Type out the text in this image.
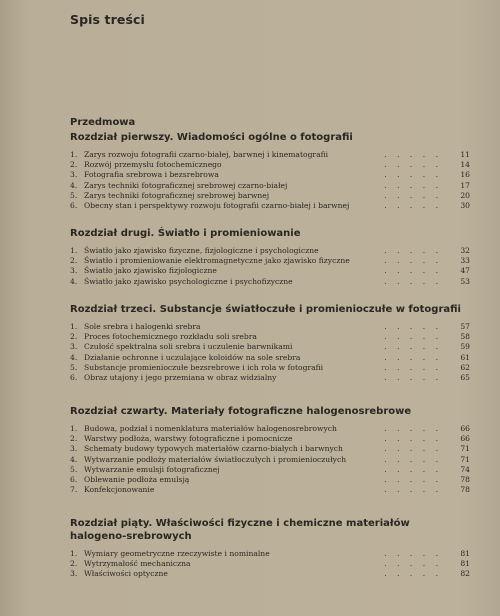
Spis treści
Przedmowa
Rozdział pierwszy. Wiadomości ogólne o fotografii
1. Zarys rozwoju fotografii czarno-białej, barwnej i kinematografii	. . . . .	11
2. Rozwój przemysłu fotochemicznego	. . . . .	14
3. Fotografia srebrowa i bezsrebrowa	. . . . .	16
4. Zarys techniki fotograficznej srebrowej czarno-białej	. . . . .	17
5. Zarys techniki fotograficznej srebrowej barwnej	. . . . .	20
6. Obecny stan i perspektywy rozwoju fotografii czarno-białej i barwnej	. . . . .	30
Rozdział drugi. Światło i promieniowanie
1. Światło jako zjawisko fizyczne, fizjologiczne i psychologiczne	. . . . .	32
2. Światło i promieniowanie elektromagnetyczne jako zjawisko fizyczne	. . . . .	33
3. Światło jako zjawisko fizjologiczne	. . . . .	47
4. Światło jako zjawisko psychologiczne i psychofizyczne	. . . . .	53
Rozdział trzeci. Substancje światłoczułe i promienioczułe w fotografii
1. Sole srebra i halogenki srebra	. . . . .	57
2. Proces fotochemicznego rozkładu soli srebra	. . . . .	58
3. Czułość spektralna soli srebra i uczulenie barwnikami	. . . . .	59
4. Działanie ochronne i uczulające koloidów na sole srebra	. . . . .	61
5. Substancje promienioczułe bezsrebrowe i ich rola w fotografii	. . . . .	62
6. Obraz utajony i jego przemiana w obraz widzialny	. . . . .	65
Rozdział czwarty. Materiały fotograficzne halogenosrebrowe
1. Budowa, podział i nomenklatura materiałów halogenosrebrowych	. . . . .	66
2. Warstwy podłoża, warstwy fotograficzne i pomocnicze	. . . . .	66
3. Schematy budowy typowych materiałów czarno-białych i barwnych	. . . . .	71
4. Wytwarzanie podłoży materiałów światłoczułych i promienioczułych	. . . . .	71
5. Wytwarzanie emulsji fotograficznej	. . . . .	74
6. Oblewanie podłoża emulsją	. . . . .	78
7. Konfekcjonowanie	. . . . .	78
Rozdział piąty. Właściwości fizyczne i chemiczne materiałów halogeno-srebrowych
1. Wymiary geometryczne rzeczywiste i nominalne	. . . . .	81
2. Wytrzymałość mechaniczna	. . . . .	81
3. Właściwości optyczne	. . . . .	82
